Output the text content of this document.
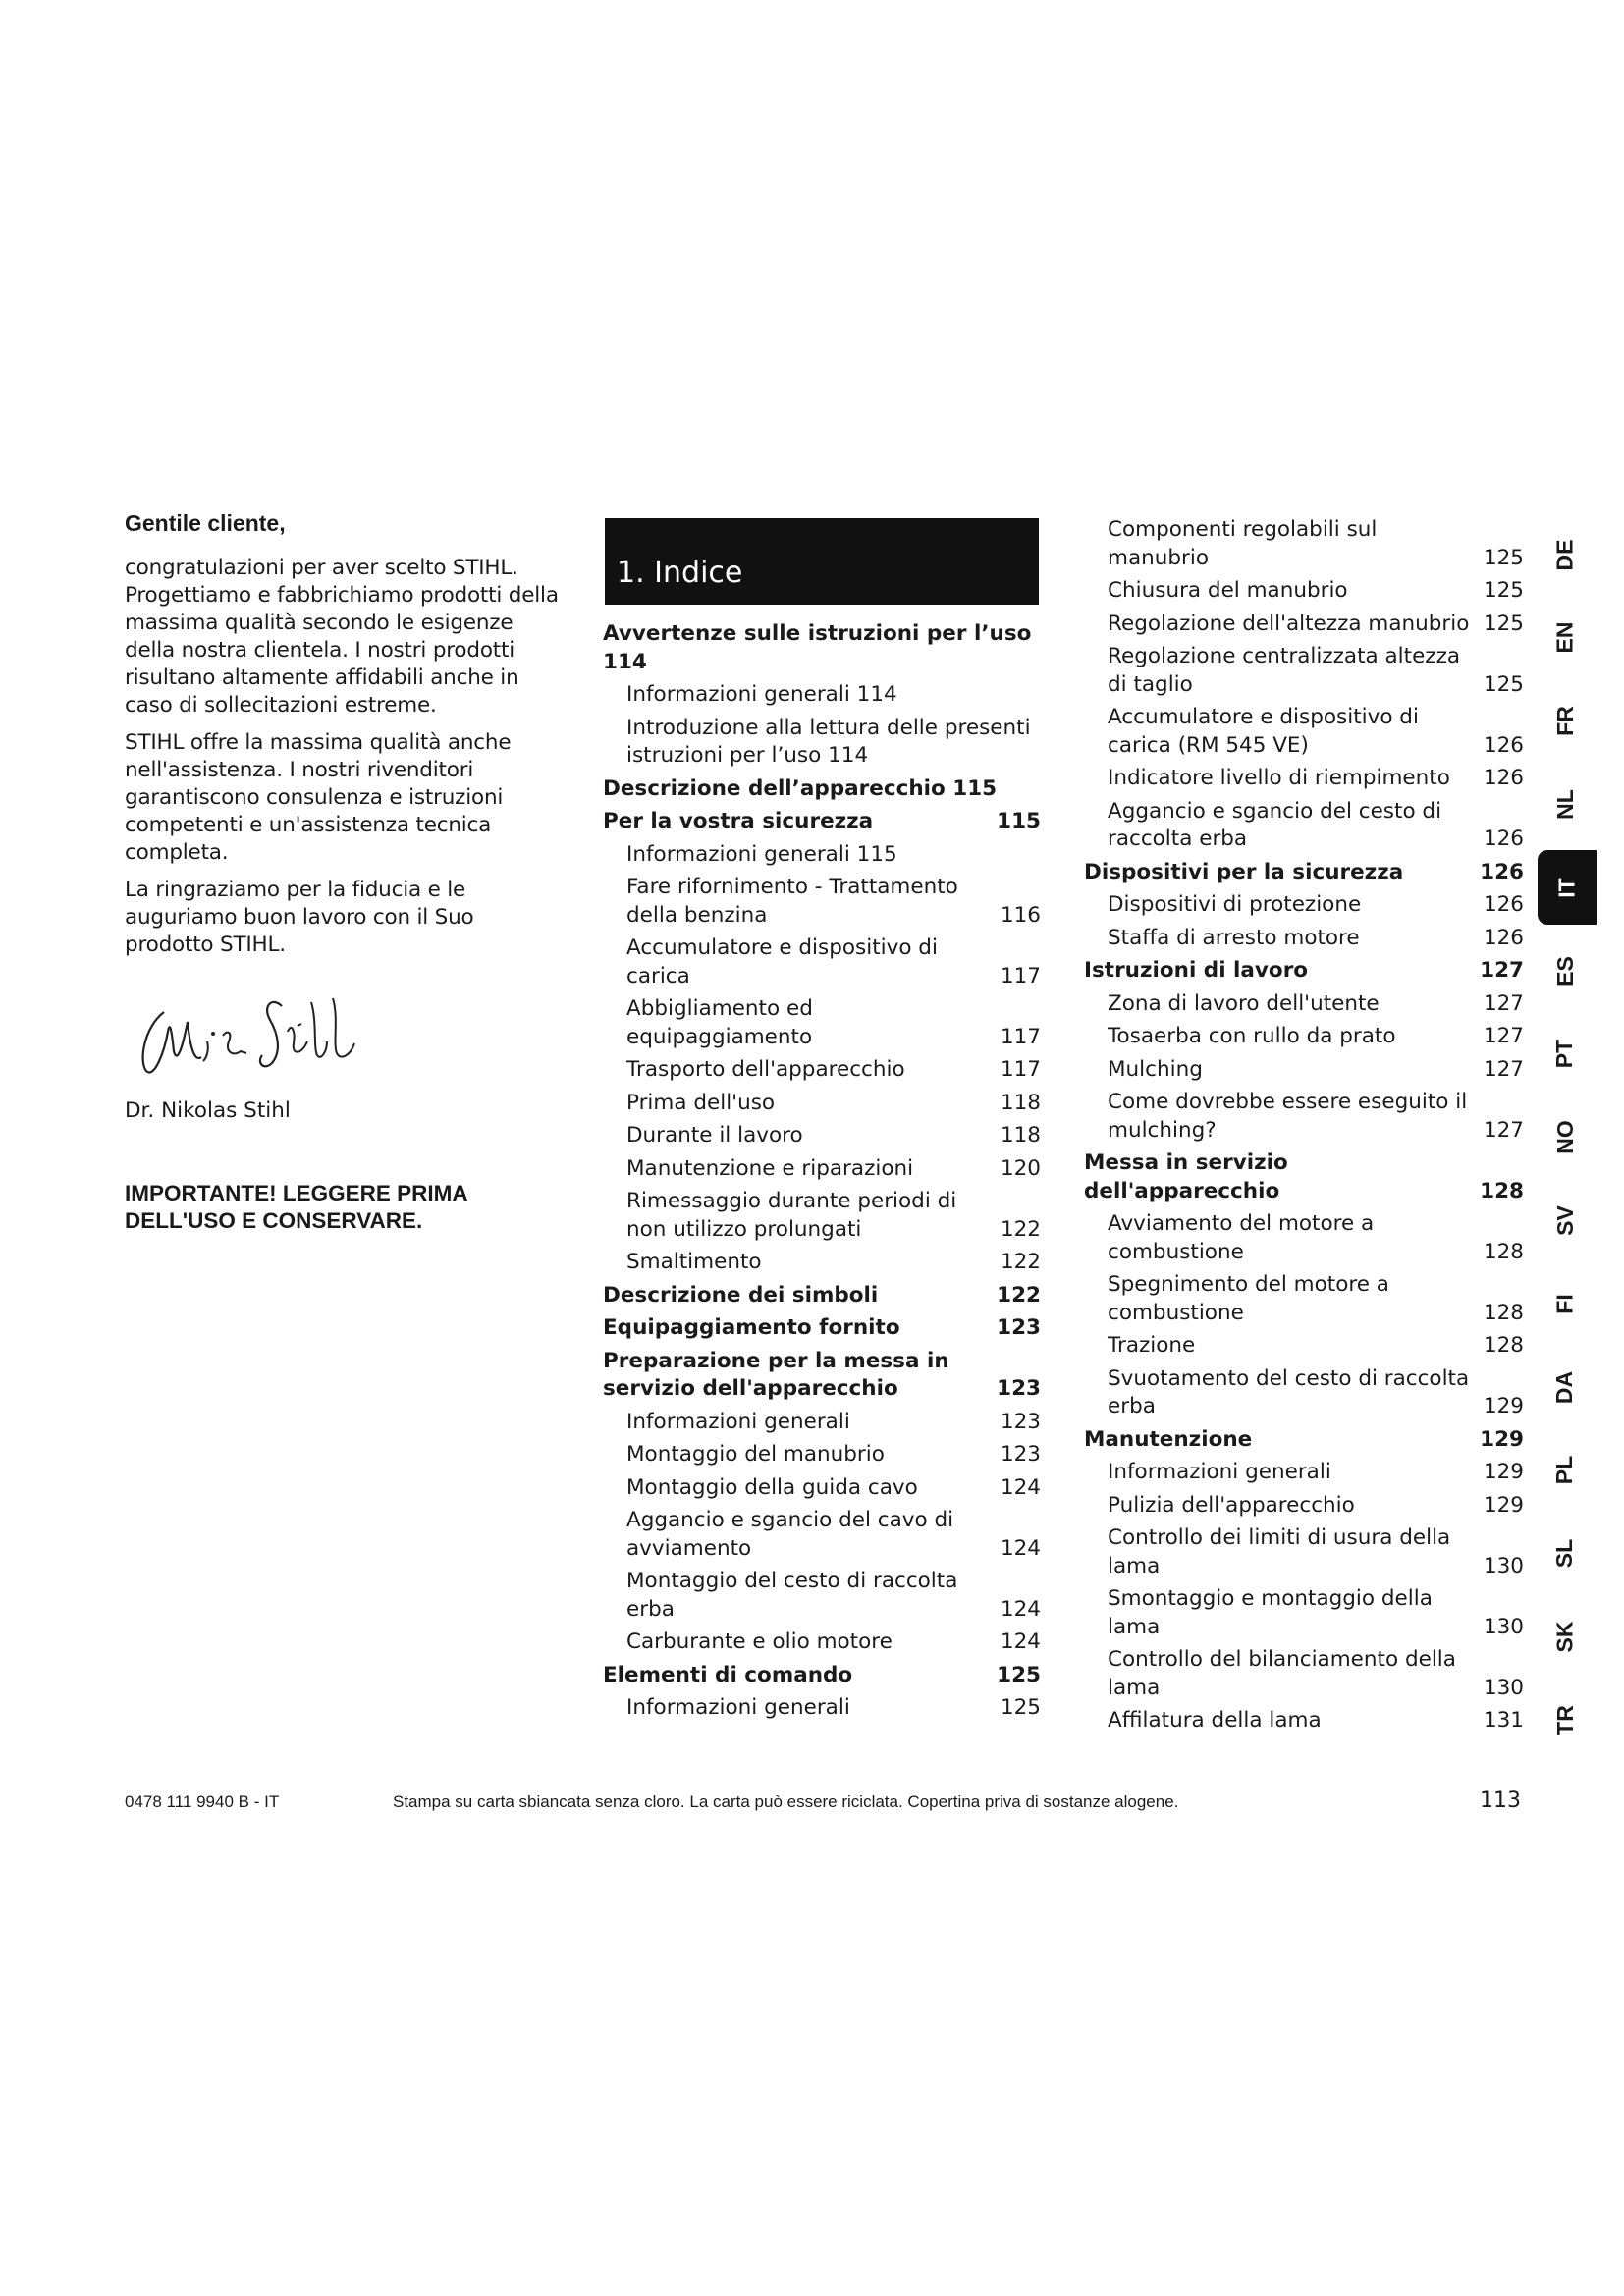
Gentile cliente,

congratulazioni per aver scelto STIHL. Progettiamo e fabbrichiamo prodotti della massima qualità secondo le esigenze della nostra clientela. I nostri prodotti risultano altamente affidabili anche in caso di sollecitazioni estreme.

STIHL offre la massima qualità anche nell'assistenza. I nostri rivenditori garantiscono consulenza e istruzioni competenti e un'assistenza tecnica completa.

La ringraziamo per la fiducia e le auguriamo buon lavoro con il Suo prodotto STIHL.

Dr. Nikolas Stihl
IMPORTANTE! LEGGERE PRIMA DELL'USO E CONSERVARE.
1. Indice
Avvertenze sulle istruzioni per l’uso 114
Informazioni generali 114
Introduzione alla lettura delle presenti istruzioni per l’uso 114
Descrizione dell’apparecchio 115
Per la vostra sicurezza	115
Informazioni generali 115
Fare rifornimento - Trattamento della benzina	116
Accumulatore e dispositivo di carica	117
Abbigliamento ed equipaggiamento	117
Trasporto dell'apparecchio	117
Prima dell'uso	118
Durante il lavoro	118
Manutenzione e riparazioni	120
Rimessaggio durante periodi di non utilizzo prolungati	122
Smaltimento	122
Descrizione dei simboli	122
Equipaggiamento fornito	123
Preparazione per la messa in servizio dell'apparecchio	123
Informazioni generali	123
Montaggio del manubrio	123
Montaggio della guida cavo	124
Aggancio e sgancio del cavo di avviamento	124
Montaggio del cesto di raccolta erba	124
Carburante e olio motore	124
Elementi di comando	125
Informazioni generali	125
Componenti regolabili sul manubrio	125
Chiusura del manubrio	125
Regolazione dell'altezza manubrio 125
Regolazione centralizzata altezza di taglio	125
Accumulatore e dispositivo di carica (RM 545 VE)	126
Indicatore livello di riempimento	126
Aggancio e sgancio del cesto di raccolta erba	126
Dispositivi per la sicurezza	126
Dispositivi di protezione	126
Staffa di arresto motore	126
Istruzioni di lavoro	127
Zona di lavoro dell'utente	127
Tosaerba con rullo da prato	127
Mulching	127
Come dovrebbe essere eseguito il mulching?	127
Messa in servizio dell'apparecchio	128
Avviamento del motore a combustione	128
Spegnimento del motore a combustione	128
Trazione	128
Svuotamento del cesto di raccolta erba	129
Manutenzione	129
Informazioni generali	129
Pulizia dell'apparecchio	129
Controllo dei limiti di usura della lama	130
Smontaggio e montaggio della lama	130
Controllo del bilanciamento della lama	130
Affilatura della lama	131
DE
EN
FR
NL
IT
ES
PT
NO
SV
FI
DA
PL
SL
SK
TR
0478 111 9940 B - IT	Stampa su carta sbiancata senza cloro. La carta può essere riciclata. Copertina priva di sostanze alogene.	113
